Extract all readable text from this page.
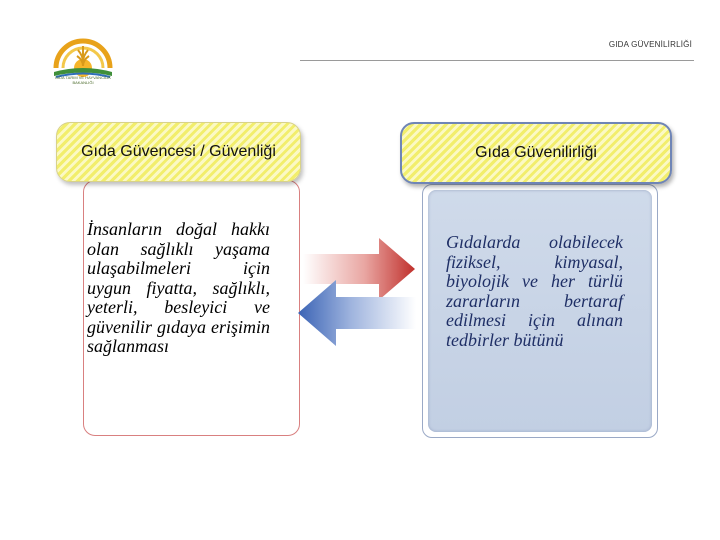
GIDA TARIM VE HAYVANCILIK BAKANLIĞI
GIDA GÜVENİLİRLİĞİ
Gıda Güvencesi / Güvenliği
İnsanların doğal hakkı olan sağlıklı yaşama ulaşabilmeleri için uygun fiyatta, sağlıklı, yeterli, besleyici ve güvenilir gıdaya erişimin sağlanması
Gıda Güvenilirliği
Gıdalarda olabilecek fiziksel, kimyasal, biyolojik ve her türlü zararların bertaraf edilmesi için alınan tedbirler bütünü
